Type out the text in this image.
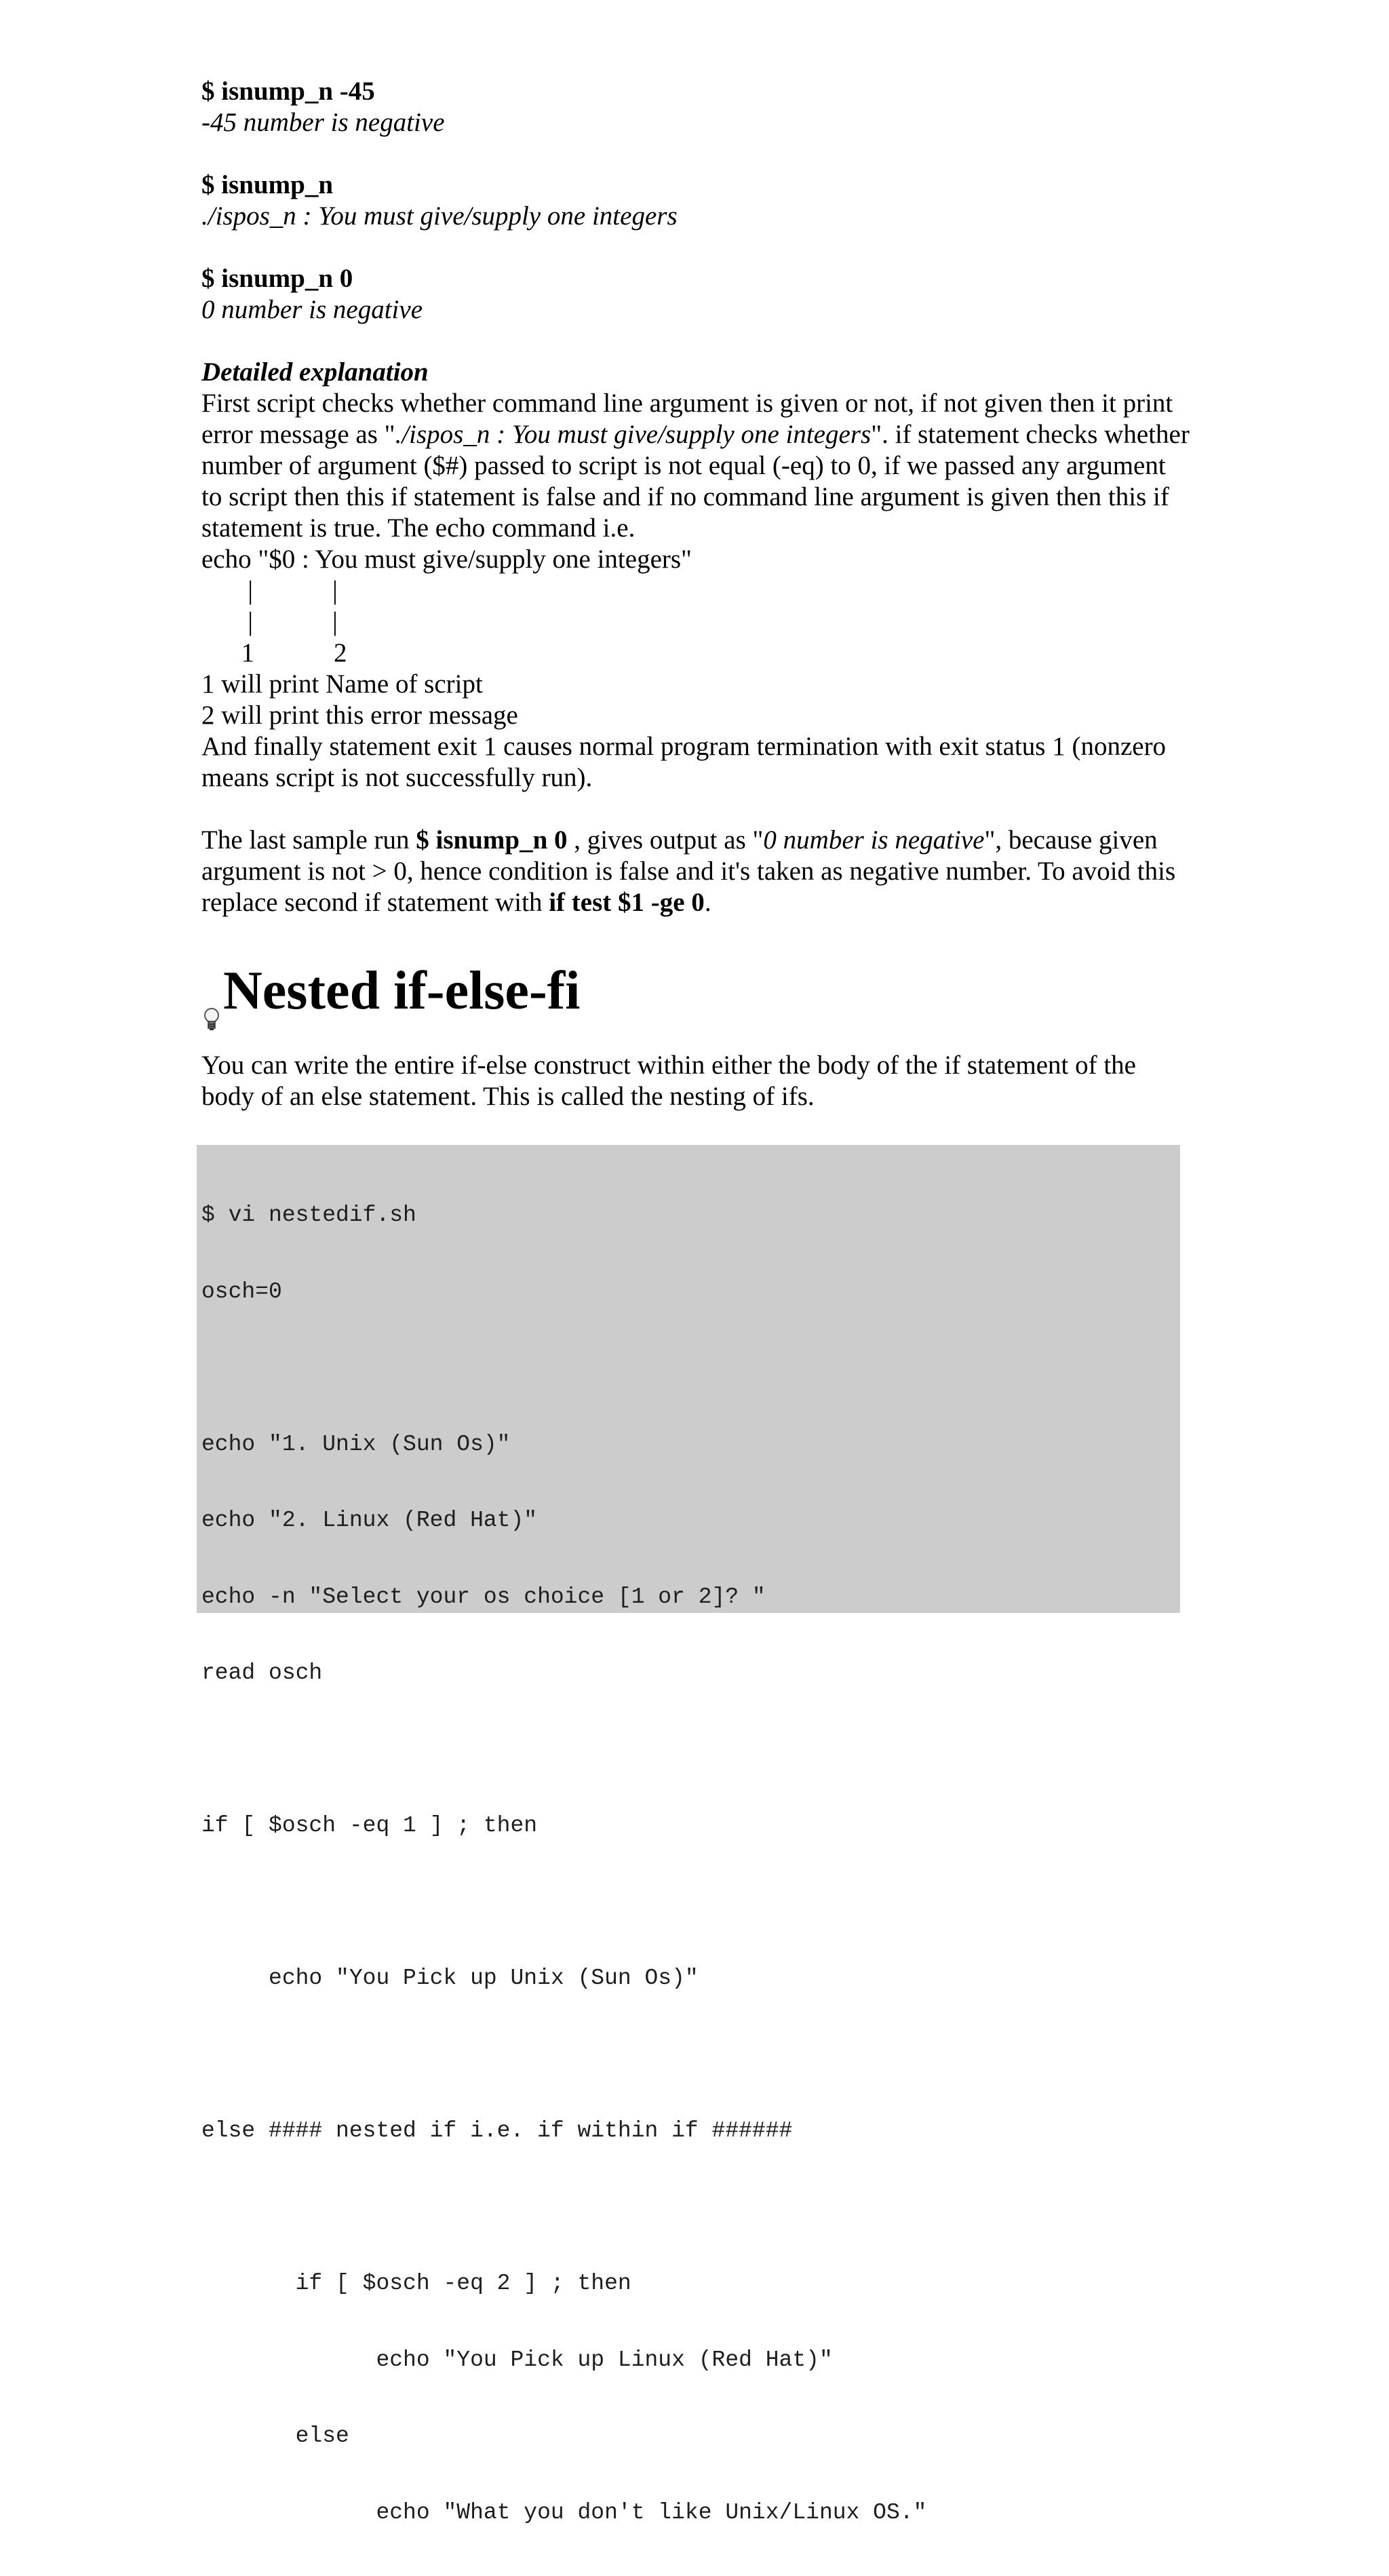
$ isnump_n -45
-45 number is negative
$ isnump_n
./ispos_n : You must give/supply one integers
$ isnump_n 0
0 number is negative
Detailed explanation
First script checks whether command line argument is given or not, if not given then it print error message as "./ispos_n : You must give/supply one integers". if statement checks whether number of argument ($#) passed to script is not equal (-eq) to 0, if we passed any argument to script then this if statement is false and if no command line argument is given then this if statement is true. The echo command i.e.
echo "$0 : You must give/supply one integers"
|            |
|            |
1            2
1 will print Name of script
2 will print this error message
And finally statement exit 1 causes normal program termination with exit status 1 (nonzero means script is not successfully run).
The last sample run $ isnump_n 0 , gives output as "0 number is negative", because given argument is not > 0, hence condition is false and it's taken as negative number. To avoid this replace second if statement with if test $1 -ge 0.
Nested if-else-fi
You can write the entire if-else construct within either the body of the if statement of the body of an else statement. This is called the nesting of ifs.

$ vi nestedif.sh

osch=0

echo "1. Unix (Sun Os)"

echo "2. Linux (Red Hat)"

echo -n "Select your os choice [1 or 2]? "

read osch

if [ $osch -eq 1 ] ; then

echo "You Pick up Unix (Sun Os)"

else #### nested if i.e. if within if ######

if [ $osch -eq 2 ] ; then

echo "You Pick up Linux (Red Hat)"

else

echo "What you don't like Unix/Linux OS."
